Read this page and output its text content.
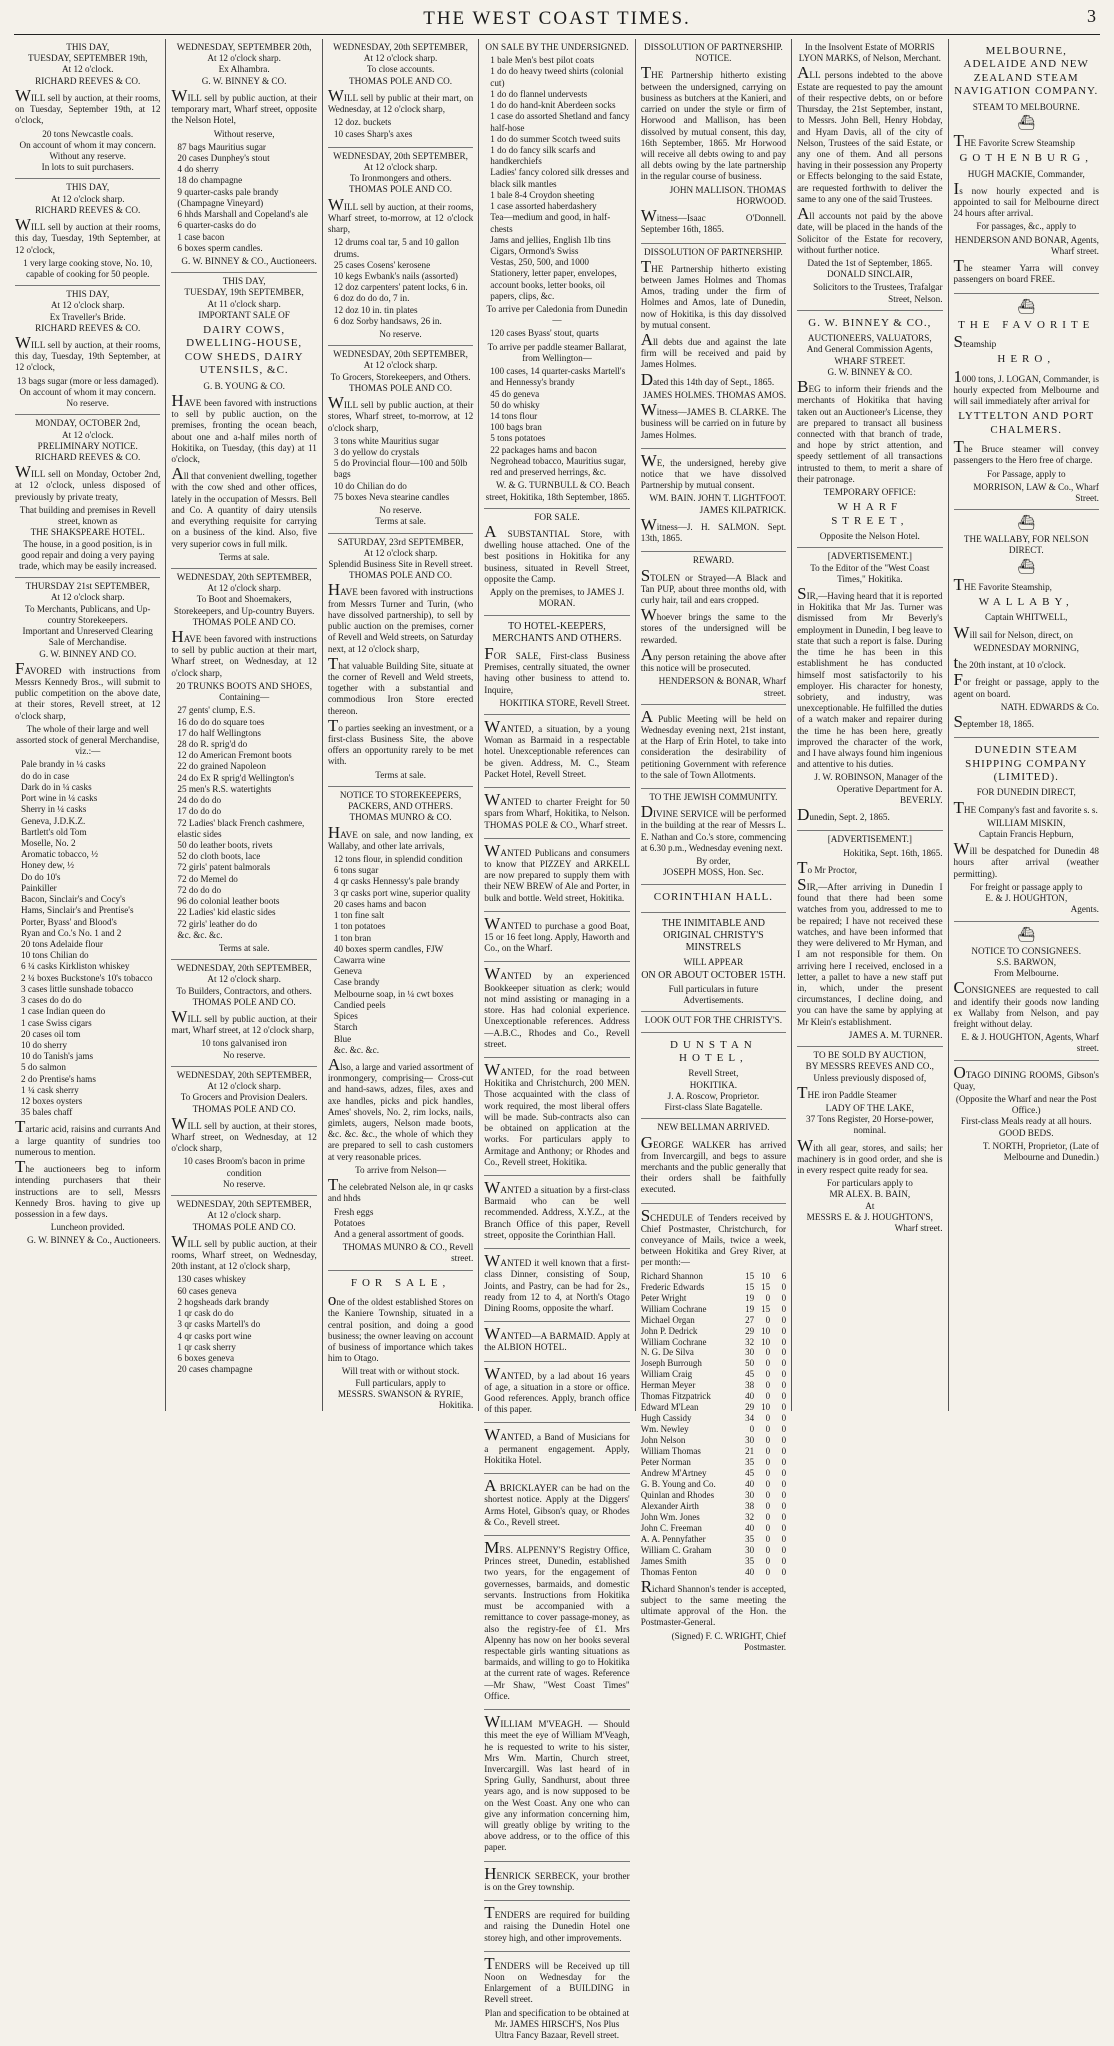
THE WEST COAST TIMES.	3
THIS DAY,
TUESDAY, SEPTEMBER 19th,
At 12 o'clock.
RICHARD REEVES & CO.
WILL sell by auction, at their rooms, on Tuesday, September 19th, at 12 o'clock,
20 tons Newcastle coals.
On account of whom it may concern.
Without any reserve.
In lots to suit purchasers.
THIS DAY,
At 12 o'clock sharp.
RICHARD REEVES & CO.
WILL sell by auction at their rooms, this day, Tuesday, 19th September, at 12 o'clock,
1 very large cooking stove, No. 10, capable of cooking for 50 people.
THIS DAY,
At 12 o'clock sharp.
Ex Traveller's Bride.
RICHARD REEVES & CO.
WILL sell by auction, at their rooms, this day, Tuesday, 19th September, at 12 o'clock,
13 bags sugar (more or less damaged).
On account of whom it may concern.
No reserve.
MONDAY, OCTOBER 2nd,
At 12 o'clock.
PRELIMINARY NOTICE.
RICHARD REEVES & CO.
WILL sell on Monday, October 2nd, at 12 o'clock, unless disposed of previously by private treaty,
That building and premises in Revell street, known as
THE SHAKSPEARE HOTEL.
The house, in a good position, is in good repair and doing a very paying trade, which may be easily increased.
THURSDAY 21st SEPTEMBER,
At 12 o'clock sharp.
To Merchants, Publicans, and Up-country Storekeepers.
Important and Unreserved Clearing Sale of Merchandise.
G. W. BINNEY AND CO.
FAVORED with instructions from Messrs Kennedy Bros., will submit to public competition on the above date, at their stores, Revell street, at 12 o'clock sharp,
The whole of their large and well assorted stock of general Merchandise, viz.:—
Pale brandy in ¼ casks
do do in case
Dark do in ¼ casks
Port wine in ¼ casks
Sherry in ¼ casks
Geneva, J.D.K.Z.
Bartlett's old Tom
Moselle, No. 2
Aromatic tobacco, ½
Honey dew, ½
Do do 10's
Painkiller
Bacon, Sinclair's and Cocy's
Hams, Sinclair's and Prentise's
Porter, Byass' and Blood's
Ryan and Co.'s No. 1 and 2
20 tons Adelaide flour
10 tons Chilian do
6 ¼ casks Kirkliston whiskey
2 ¼ boxes Buckstone's 10's tobacco
3 cases little sunshade tobacco
3 cases do do do
1 case Indian queen do
1 case Swiss cigars
20 cases oil tom
10 do sherry
10 do Tanish's jams
5 do salmon
2 do Prentise's hams
1 ¼ cask sherry
12 boxes oysters
35 bales chaff
Tartaric acid, raisins and currants And a large quantity of sundries too numerous to mention.
The auctioneers beg to inform intending purchasers that their instructions are to sell, Messrs Kennedy Bros. having to give up possession in a few days.
Luncheon provided.
G. W. BINNEY & Co., Auctioneers.
WEDNESDAY, SEPTEMBER 20th,
At 12 o'clock sharp.
Ex Alhambra.
G. W. BINNEY & CO.
WILL sell by public auction, at their temporary mart, Wharf street, opposite the Nelson Hotel,
Without reserve,
87 bags Mauritius sugar
20 cases Dunphey's stout
4 do sherry
18 do champagne
9 quarter-casks pale brandy (Champagne Vineyard)
6 hhds Marshall and Copeland's ale
6 quarter-casks do do
1 case bacon
6 boxes sperm candles.
G. W. BINNEY & CO., Auctioneers.
THIS DAY,
TUESDAY, 19th SEPTEMBER,
At 11 o'clock sharp.
IMPORTANT SALE OF
DAIRY COWS, DWELLING-HOUSE, COW SHEDS, DAIRY UTENSILS, &C.
G. B. YOUNG & CO.
HAVE been favored with instructions to sell by public auction, on the premises, fronting the ocean beach, about one and a-half miles north of Hokitika, on Tuesday, (this day) at 11 o'clock,
All that convenient dwelling, together with the cow shed and other offices, lately in the occupation of Messrs. Bell and Co. A quantity of dairy utensils and everything requisite for carrying on a business of the kind. Also, five very superior cows in full milk.
Terms at sale.
WEDNESDAY, 20th SEPTEMBER,
At 12 o'clock sharp.
To Boot and Shoemakers, Storekeepers, and Up-country Buyers.
THOMAS POLE AND CO.
HAVE been favored with instructions to sell by public auction at their mart, Wharf street, on Wednesday, at 12 o'clock sharp,
20 TRUNKS BOOTS AND SHOES,
Containing—
27 gents' clump, E.S.
16 do do do square toes
17 do half Wellingtons
28 do R. sprig'd do
12 do American Fremont boots
22 do grained Napoleon
24 do Ex R sprig'd Wellington's
25 men's R.S. watertights
24 do do do
17 do do do
72 Ladies' black French cashmere, elastic sides
50 do leather boots, rivets
52 do cloth boots, lace
72 girls' patent balmorals
72 do Memel do
72 do do do
96 do colonial leather boots
22 Ladies' kid elastic sides
72 girls' leather do do
&c. &c. &c.
Terms at sale.
WEDNESDAY, 20th SEPTEMBER,
At 12 o'clock sharp.
To Builders, Contractors, and others.
THOMAS POLE AND CO.
WILL sell by public auction, at their mart, Wharf street, at 12 o'clock sharp,
10 tons galvanised iron
No reserve.
WEDNESDAY, 20th SEPTEMBER,
At 12 o'clock sharp.
To Grocers and Provision Dealers.
THOMAS POLE AND CO.
WILL sell by auction, at their stores, Wharf street, on Wednesday, at 12 o'clock sharp,
10 cases Broom's bacon in prime condition
No reserve.
WEDNESDAY, 20th SEPTEMBER,
At 12 o'clock sharp.
THOMAS POLE AND CO.
WILL sell by public auction, at their rooms, Wharf street, on Wednesday, 20th instant, at 12 o'clock sharp,
130 cases whiskey
60 cases geneva
2 hogsheads dark brandy
1 qr cask do do
3 qr casks Martell's do
4 qr casks port wine
1 qr cask sherry
6 boxes geneva
20 cases champagne
WEDNESDAY, 20th SEPTEMBER,
At 12 o'clock sharp.
To close accounts.
THOMAS POLE AND CO.
WILL sell by public at their mart, on Wednesday, at 12 o'clock sharp,
12 doz. buckets
10 cases Sharp's axes
WEDNESDAY, 20th SEPTEMBER,
At 12 o'clock sharp.
To Ironmongers and others.
THOMAS POLE AND CO.
WILL sell by auction, at their rooms, Wharf street, to-morrow, at 12 o'clock sharp,
12 drums coal tar, 5 and 10 gallon drums.
25 cases Cosens' kerosene
10 kegs Ewbank's nails (assorted)
12 doz carpenters' patent locks, 6 in.
6 doz do do do, 7 in.
12 doz 10 in. tin plates
6 doz Sorby handsaws, 26 in.
No reserve.
WEDNESDAY, 20th SEPTEMBER,
At 12 o'clock sharp.
To Grocers, Storekeepers, and Others.
THOMAS POLE AND CO.
WILL sell by public auction, at their stores, Wharf street, to-morrow, at 12 o'clock sharp,
3 tons white Mauritius sugar
3 do yellow do crystals
5 do Provincial flour—100 and 50lb bags
10 do Chilian do do
75 boxes Neva stearine candles
No reserve.
Terms at sale.
SATURDAY, 23rd SEPTEMBER,
At 12 o'clock sharp.
Splendid Business Site in Revell street.
THOMAS POLE AND CO.
HAVE been favored with instructions from Messrs Turner and Turin, (who have dissolved partnership), to sell by public auction on the premises, corner of Revell and Weld streets, on Saturday next, at 12 o'clock sharp,
That valuable Building Site, situate at the corner of Revell and Weld streets, together with a substantial and commodious Iron Store erected thereon.
To parties seeking an investment, or a first-class Business Site, the above offers an opportunity rarely to be met with.
Terms at sale.
NOTICE TO STOREKEEPERS, PACKERS, AND OTHERS.
THOMAS MUNRO & CO.
HAVE on sale, and now landing, ex Wallaby, and other late arrivals,
12 tons flour, in splendid condition
6 tons sugar
4 qr casks Hennessy's pale brandy
3 qr casks port wine, superior quality
20 cases hams and bacon
1 ton fine salt
1 ton potatoes
1 ton bran
40 boxes sperm candles, FJW
Cawarra wine
Geneva
Case brandy
Melbourne soap, in ¼ cwt boxes
Candied peels
Spices
Starch
Blue
&c. &c. &c.
Also, a large and varied assortment of ironmongery, comprising— Cross-cut and hand-saws, adzes, files, axes and axe handles, picks and pick handles, Ames' shovels, No. 2, rim locks, nails, gimlets, augers, Nelson made boots, &c. &c. &c., the whole of which they are prepared to sell to cash customers at very reasonable prices.
To arrive from Nelson—
The celebrated Nelson ale, in qr casks and hhds
Fresh eggs
Potatoes
And a general assortment of goods.
THOMAS MUNRO & CO., Revell street.
FOR SALE,
one of the oldest established Stores on the Kaniere Township, situated in a central position, and doing a good business; the owner leaving on account of business of importance which takes him to Otago.
Will treat with or without stock.
Full particulars, apply to
MESSRS. SWANSON & RYRIE,
Hokitika.
ON SALE BY THE UNDERSIGNED.
1 bale Men's best pilot coats
1 do do heavy tweed shirts (colonial cut)
1 do do flannel undervests
1 do do hand-knit Aberdeen socks
1 case do assorted Shetland and fancy half-hose
1 do do summer Scotch tweed suits
1 do do fancy silk scarfs and handkerchiefs
Ladies' fancy colored silk dresses and black silk mantles
1 bale 8-4 Croydon sheeting
1 case assorted haberdashery
Tea—medium and good, in half-chests
Jams and jellies, English 1lb tins
Cigars, Ormond's Swiss
Vestas, 250, 500, and 1000
Stationery, letter paper, envelopes, account books, letter books, oil papers, clips, &c.
To arrive per Caledonia from Dunedin—
120 cases Byass' stout, quarts
To arrive per paddle steamer Ballarat, from Wellington—
100 cases, 14 quarter-casks Martell's and Hennessy's brandy
45 do geneva
50 do whisky
14 tons flour
100 bags bran
5 tons potatoes
22 packages hams and bacon
Negrohead tobacco, Mauritius sugar, red and preserved herrings, &c.
W. & G. TURNBULL & CO. Beach street, Hokitika, 18th September, 1865.
FOR SALE.
A SUBSTANTIAL Store, with dwelling house attached. One of the best positions in Hokitika for any business, situated in Revell Street, opposite the Camp.
Apply on the premises, to JAMES J. MORAN.
TO HOTEL-KEEPERS, MERCHANTS AND OTHERS.
FOR SALE, First-class Business Premises, centrally situated, the owner having other business to attend to. Inquire,
HOKITIKA STORE, Revell Street.
WANTED, a situation, by a young Woman as Barmaid in a respectable hotel. Unexceptionable references can be given. Address, M. C., Steam Packet Hotel, Revell Street.
WANTED to charter Freight for 50 spars from Wharf, Hokitika, to Nelson. THOMAS POLE & CO., Wharf street.
WANTED Publicans and consumers to know that PIZZEY and ARKELL are now prepared to supply them with their NEW BREW of Ale and Porter, in bulk and bottle. Weld street, Hokitika.
WANTED to purchase a good Boat, 15 or 16 feet long. Apply, Haworth and Co., on the Wharf.
WANTED by an experienced Bookkeeper situation as clerk; would not mind assisting or managing in a store. Has had colonial experience. Unexceptionable references. Address—A.B.C., Rhodes and Co., Revell street.
WANTED, for the road between Hokitika and Christchurch, 200 MEN. Those acquainted with the class of work required, the most liberal offers will be made. Sub-contracts also can be obtained on application at the works. For particulars apply to Armitage and Anthony; or Rhodes and Co., Revell street, Hokitika.
WANTED a situation by a first-class Barmaid who can be well recommended. Address, X.Y.Z., at the Branch Office of this paper, Revell street, opposite the Corinthian Hall.
WANTED it well known that a first-class Dinner, consisting of Soup, Joints, and Pastry, can be had for 2s., ready from 12 to 4, at North's Otago Dining Rooms, opposite the wharf.
WANTED—A BARMAID. Apply at the ALBION HOTEL.
WANTED, by a lad about 16 years of age, a situation in a store or office. Good references. Apply, branch office of this paper.
WANTED, a Band of Musicians for a permanent engagement. Apply, Hokitika Hotel.
A BRICKLAYER can be had on the shortest notice. Apply at the Diggers' Arms Hotel, Gibson's quay, or Rhodes & Co., Revell street.
MRS. ALPENNY'S Registry Office, Princes street, Dunedin, established two years, for the engagement of governesses, barmaids, and domestic servants. Instructions from Hokitika must be accompanied with a remittance to cover passage-money, as also the registry-fee of £1. Mrs Alpenny has now on her books several respectable girls wanting situations as barmaids, and willing to go to Hokitika at the current rate of wages. Reference—Mr Shaw, "West Coast Times" Office.
WILLIAM M'VEAGH. — Should this meet the eye of William M'Veagh, he is requested to write to his sister, Mrs Wm. Martin, Church street, Invercargill. Was last heard of in Spring Gully, Sandhurst, about three years ago, and is now supposed to be on the West Coast. Any one who can give any information concerning him, will greatly oblige by writing to the above address, or to the office of this paper.
HENRICK SERBECK, your brother is on the Grey township.
TENDERS are required for building and raising the Dunedin Hotel one storey high, and other improvements.
TENDERS will be Received up till Noon on Wednesday for the Enlargement of a BUILDING in Revell street.
Plan and specification to be obtained at Mr. JAMES HIRSCH'S, Nos Plus Ultra Fancy Bazaar, Revell street.
DISSOLUTION OF PARTNERSHIP.
NOTICE.
THE Partnership hitherto existing between the undersigned, carrying on business as butchers at the Kanieri, and carried on under the style or firm of Horwood and Mallison, has been dissolved by mutual consent, this day, 16th September, 1865. Mr Horwood will receive all debts owing to and pay all debts owing by the late partnership in the regular course of business.
JOHN MALLISON. THOMAS HORWOOD.
Witness—Isaac O'Donnell. September 16th, 1865.
DISSOLUTION OF PARTNERSHIP.
THE Partnership hitherto existing between James Holmes and Thomas Amos, trading under the firm of Holmes and Amos, late of Dunedin, now of Hokitika, is this day dissolved by mutual consent.
All debts due and against the late firm will be received and paid by James Holmes.
Dated this 14th day of Sept., 1865.
JAMES HOLMES. THOMAS AMOS.
Witness—JAMES B. CLARKE. The business will be carried on in future by James Holmes.
WE, the undersigned, hereby give notice that we have dissolved Partnership by mutual consent.
WM. BAIN. JOHN T. LIGHTFOOT. JAMES KILPATRICK.
Witness—J. H. SALMON. Sept. 13th, 1865.
REWARD.
STOLEN or Strayed—A Black and Tan PUP, about three months old, with curly hair, tail and ears cropped.
Whoever brings the same to the stores of the undersigned will be rewarded.
Any person retaining the above after this notice will be prosecuted.
HENDERSON & BONAR, Wharf street.
A Public Meeting will be held on Wednesday evening next, 21st instant, at the Harp of Erin Hotel, to take into consideration the desirability of petitioning Government with reference to the sale of Town Allotments.
TO THE JEWISH COMMUNITY.
DIVINE SERVICE will be performed in the building at the rear of Messrs L. E. Nathan and Co.'s store, commencing at 6.30 p.m., Wednesday evening next.
By order,
JOSEPH MOSS, Hon. Sec.
CORINTHIAN HALL.
THE INIMITABLE AND ORIGINAL CHRISTY'S MINSTRELS
WILL APPEAR
ON OR ABOUT OCTOBER 15TH.
Full particulars in future Advertisements.
LOOK OUT FOR THE CHRISTY'S.
DUNSTAN HOTEL,
Revell Street,
HOKITIKA.
J. A. Roscow, Proprietor.
First-class Slate Bagatelle.
NEW BELLMAN ARRIVED.
GEORGE WALKER has arrived from Invercargill, and begs to assure merchants and the public generally that their orders shall be faithfully executed.
SCHEDULE of Tenders received by Chief Postmaster, Christchurch, for conveyance of Mails, twice a week, between Hokitika and Grey River, at per month:—
Richard Shannon	15	10	6
Frederic Edwards	15	15	0
Peter Wright	19	0	0
William Cochrane	19	15	0
Michael Organ	27	0	0
John P. Dedrick	29	10	0
William Cochrane	32	10	0
N. G. De Silva	30	0	0
Joseph Burrough	50	0	0
William Craig	45	0	0
Herman Meyer	38	0	0
Thomas Fitzpatrick	40	0	0
Edward M'Lean	29	10	0
Hugh Cassidy	34	0	0
Wm. Newley	0	0	0
John Nelson	30	0	0
William Thomas	21	0	0
Peter Norman	35	0	0
Andrew M'Artney	45	0	0
G. B. Young and Co.	40	0	0
Quinlan and Rhodes	30	0	0
Alexander Airth	38	0	0
John Wm. Jones	32	0	0
John C. Freeman	40	0	0
A. A. Pennyfather	35	0	0
William C. Graham	30	0	0
James Smith	35	0	0
Thomas Fenton	40	0	0
Richard Shannon's tender is accepted, subject to the same meeting the ultimate approval of the Hon. the Postmaster-General.
(Signed) F. C. WRIGHT, Chief Postmaster.
In the Insolvent Estate of MORRIS LYON MARKS, of Nelson, Merchant.
ALL persons indebted to the above Estate are requested to pay the amount of their respective debts, on or before Thursday, the 21st September, instant, to Messrs. John Bell, Henry Hobday, and Hyam Davis, all of the city of Nelson, Trustees of the said Estate, or any one of them. And all persons having in their possession any Property or Effects belonging to the said Estate, are requested forthwith to deliver the same to any one of the said Trustees.
All accounts not paid by the above date, will be placed in the hands of the Solicitor of the Estate for recovery, without further notice.
Dated the 1st of September, 1865.
DONALD SINCLAIR,
Solicitors to the Trustees, Trafalgar Street, Nelson.
G. W. BINNEY & CO.,
AUCTIONEERS, VALUATORS,
And General Commission Agents, WHARF STREET.
G. W. BINNEY & CO.
BEG to inform their friends and the merchants of Hokitika that having taken out an Auctioneer's License, they are prepared to transact all business connected with that branch of trade, and hope by strict attention, and speedy settlement of all transactions intrusted to them, to merit a share of their patronage.
TEMPORARY OFFICE:
WHARF STREET,
Opposite the Nelson Hotel.
[ADVERTISEMENT.]
To the Editor of the "West Coast Times," Hokitika.
SIR,—Having heard that it is reported in Hokitika that Mr Jas. Turner was dismissed from Mr Beverly's employment in Dunedin, I beg leave to state that such a report is false. During the time he has been in this establishment he has conducted himself most satisfactorily to his employer. His character for honesty, sobriety, and industry, was unexceptionable. He fulfilled the duties of a watch maker and repairer during the time he has been here, greatly improved the character of the work, and I have always found him ingenious and attentive to his duties.
J. W. ROBINSON, Manager of the Operative Department for A. BEVERLY.
Dunedin, Sept. 2, 1865.
[ADVERTISEMENT.]
Hokitika, Sept. 16th, 1865.
To Mr Proctor,
SIR,—After arriving in Dunedin I found that there had been some watches from you, addressed to me to be repaired; I have not received these watches, and have been informed that they were delivered to Mr Hyman, and I am not responsible for them. On arriving here I received, enclosed in a letter, a pallet to have a new staff put in, which, under the present circumstances, I decline doing, and you can have the same by applying at Mr Klein's establishment.
JAMES A. M. TURNER.
TO BE SOLD BY AUCTION,
BY MESSRS REEVES AND CO.,
Unless previously disposed of,
THE iron Paddle Steamer
LADY OF THE LAKE,
37 Tons Register, 20 Horse-power, nominal.
With all gear, stores, and sails; her machinery is in good order, and she is in every respect quite ready for sea.
For particulars apply to
MR ALEX. B. BAIN,
At
MESSRS E. & J. HOUGHTON'S,
Wharf street.
MELBOURNE, ADELAIDE AND NEW ZEALAND STEAM NAVIGATION COMPANY.
STEAM TO MELBOURNE.
⛴
THE Favorite Screw Steamship
GOTHENBURG,
HUGH MACKIE, Commander,
Is now hourly expected and is appointed to sail for Melbourne direct 24 hours after arrival.
For passages, &c., apply to
HENDERSON AND BONAR, Agents, Wharf street.
The steamer Yarra will convey passengers on board FREE.
⛴
THE FAVORITE
Steamship
HERO,
1000 tons, J. LOGAN, Commander, is hourly expected from Melbourne and will sail immediately after arrival for
LYTTELTON AND PORT CHALMERS.
The Bruce steamer will convey passengers to the Hero free of charge.
For Passage, apply to
MORRISON, LAW & Co., Wharf Street.
⛴
THE WALLABY, FOR NELSON DIRECT.
⛴
THE Favorite Steamship,
WALLABY,
Captain WHITWELL,
Will sail for Nelson, direct, on
WEDNESDAY MORNING,
the 20th instant, at 10 o'clock.
For freight or passage, apply to the agent on board.
NATH. EDWARDS & Co.
September 18, 1865.
DUNEDIN STEAM SHIPPING COMPANY (LIMITED).
FOR DUNEDIN DIRECT,
THE Company's fast and favorite s. s.
WILLIAM MISKIN,
Captain Francis Hepburn,
Will be despatched for Dunedin 48 hours after arrival (weather permitting).
For freight or passage apply to
E. & J. HOUGHTON,
Agents.
⛴
NOTICE TO CONSIGNEES.
S.S. BARWON,
From Melbourne.
CONSIGNEES are requested to call and identify their goods now landing ex Wallaby from Nelson, and pay freight without delay.
E. & J. HOUGHTON, Agents, Wharf street.
OTAGO DINING ROOMS, Gibson's Quay,
(Opposite the Wharf and near the Post Office.)
First-class Meals ready at all hours.
GOOD BEDS.
T. NORTH, Proprietor, (Late of Melbourne and Dunedin.)
